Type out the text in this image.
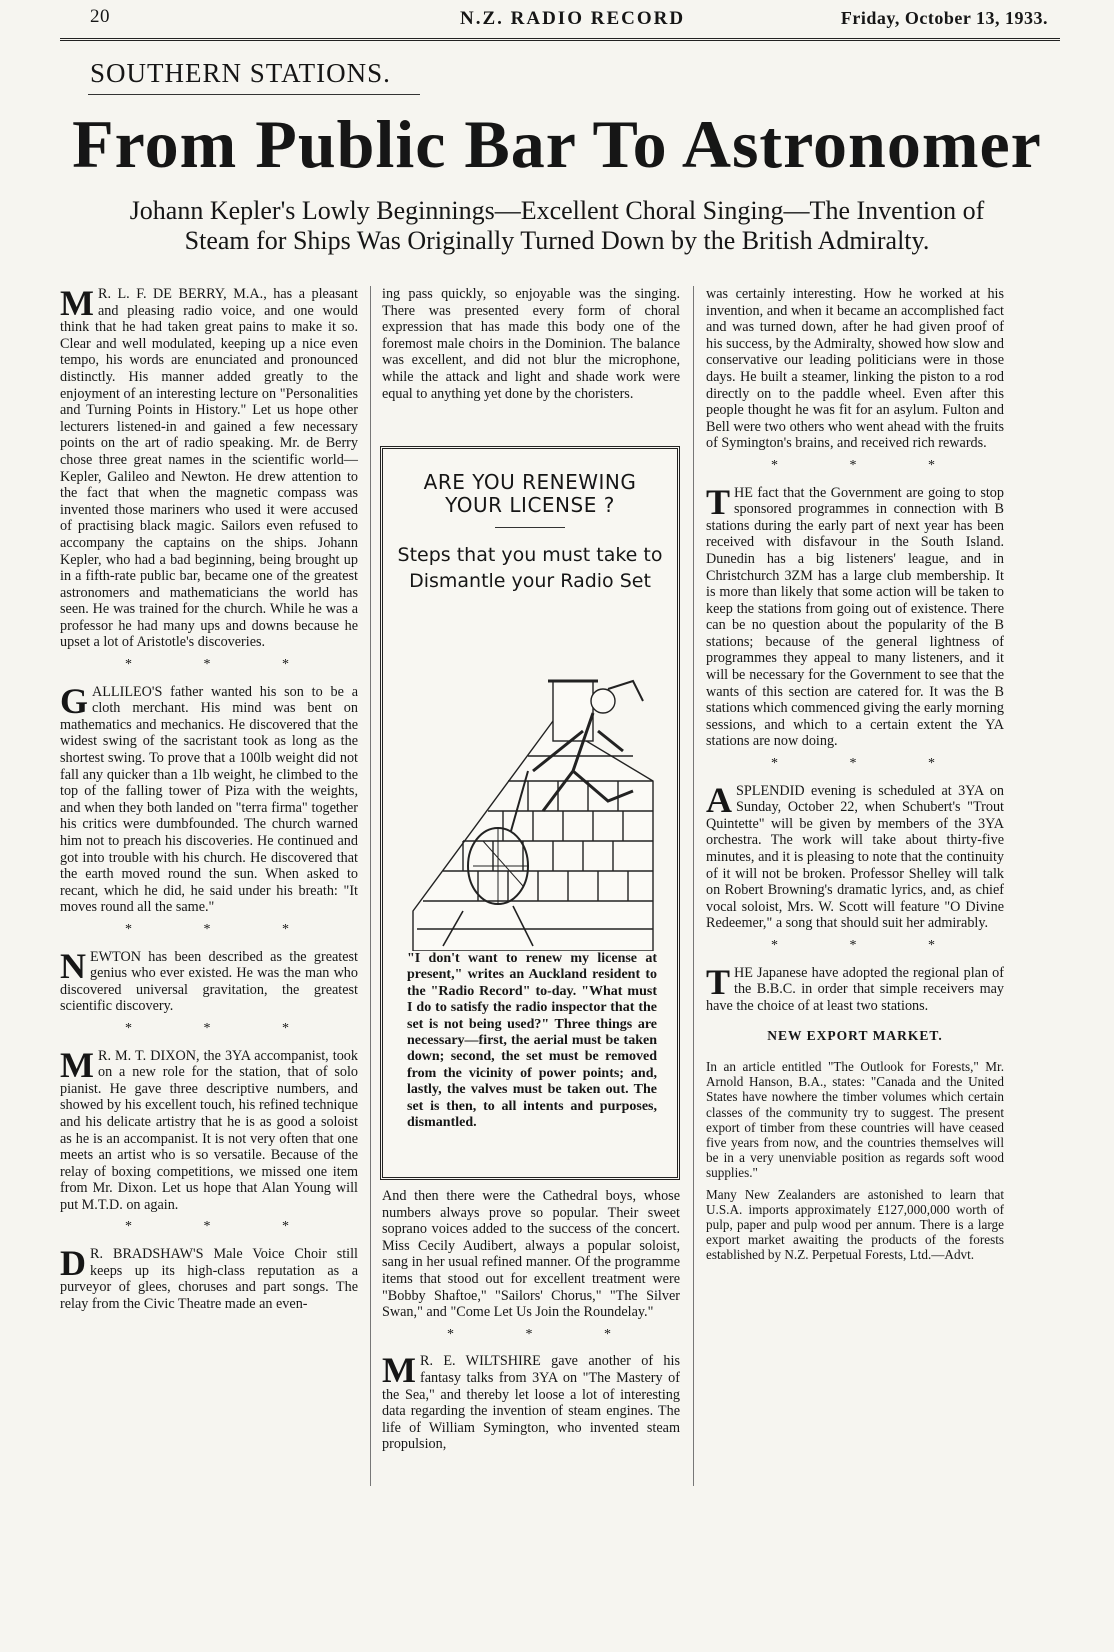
20	N.Z. RADIO RECORD	Friday, October 13, 1933.
SOUTHERN STATIONS.
From Public Bar To Astronomer
Johann Kepler's Lowly Beginnings—Excellent Choral Singing—The Invention of Steam for Ships Was Originally Turned Down by the British Admiralty.

M R. L. F. DE BERRY, M.A., has a pleasant and pleasing radio voice, and one would think that he had taken great pains to make it so. Clear and well modulated, keeping up a nice even tempo, his words are enunciated and pronounced distinctly. His manner added greatly to the enjoyment of an interesting lecture on "Personalities and Turning Points in History." Let us hope other lecturers listened-in and gained a few necessary points on the art of radio speaking. Mr. de Berry chose three great names in the scientific world—Kepler, Galileo and Newton. He drew attention to the fact that when the magnetic compass was invented those mariners who used it were accused of practising black magic. Sailors even refused to accompany the captains on the ships. Johann Kepler, who had a bad beginning, being brought up in a fifth-rate public bar, became one of the greatest astronomers and mathematicians the world has seen. He was trained for the church. While he was a professor he had many ups and downs because he upset a lot of Aristotle's discoveries.

* * *

GALLILEO'S father wanted his son to be a cloth merchant. His mind was bent on mathematics and mechanics. He discovered that the widest swing of the sacristant took as long as the shortest swing. To prove that a 100lb weight did not fall any quicker than a 1lb weight, he climbed to the top of the falling tower of Piza with the weights, and when they both landed on "terra firma" together his critics were dumbfounded. The church warned him not to preach his discoveries. He continued and got into trouble with his church. He discovered that the earth moved round the sun. When asked to recant, which he did, he said under his breath: "It moves round all the same."

* * *

NEWTON has been described as the greatest genius who ever existed. He was the man who discovered universal gravitation, the greatest scientific discovery.

* * *

M R. M. T. DIXON, the 3YA accompanist, took on a new role for the station, that of solo pianist. He gave three descriptive numbers, and showed by his excellent touch, his refined technique and his delicate artistry that he is as good a soloist as he is an accompanist. It is not very often that one meets an artist who is so versatile. Because of the relay of boxing competitions, we missed one item from Mr. Dixon. Let us hope that Alan Young will put M.T.D. on again.

* * *

D R. BRADSHAW'S Male Voice Choir still keeps up its high-class reputation as a purveyor of glees, choruses and part songs. The relay from the Civic Theatre made an even-

ing pass quickly, so enjoyable was the singing. There was presented every form of choral expression that has made this body one of the foremost male choirs in the Dominion. The balance was excellent, and did not blur the microphone, while the attack and light and shade work were equal to anything yet done by the choristers.

ARE YOU RENEWING YOUR LICENSE ?
Steps that you must take to Dismantle your Radio Set
"I don't want to renew my license at present," writes an Auckland resident to the "Radio Record" to-day. "What must I do to satisfy the radio inspector that the set is not being used?" Three things are necessary—first, the aerial must be taken down; second, the set must be removed from the vicinity of power points; and, lastly, the valves must be taken out. The set is then, to all intents and purposes, dismantled.

And then there were the Cathedral boys, whose numbers always prove so popular. Their sweet soprano voices added to the success of the concert. Miss Cecily Audibert, always a popular soloist, sang in her usual refined manner. Of the programme items that stood out for excellent treatment were "Bobby Shaftoe," "Sailors' Chorus," "The Silver Swan," and "Come Let Us Join the Roundelay."

* * *

M R. E. WILTSHIRE gave another of his fantasy talks from 3YA on "The Mastery of the Sea," and thereby let loose a lot of interesting data regarding the invention of steam engines. The life of William Symington, who invented steam propulsion,

was certainly interesting. How he worked at his invention, and when it became an accomplished fact and was turned down, after he had given proof of his success, by the Admiralty, showed how slow and conservative our leading politicians were in those days. He built a steamer, linking the piston to a rod directly on to the paddle wheel. Even after this people thought he was fit for an asylum. Fulton and Bell were two others who went ahead with the fruits of Symington's brains, and received rich rewards.

* * *

THE fact that the Government are going to stop sponsored programmes in connection with B stations during the early part of next year has been received with disfavour in the South Island. Dunedin has a big listeners' league, and in Christchurch 3ZM has a large club membership. It is more than likely that some action will be taken to keep the stations from going out of existence. There can be no question about the popularity of the B stations; because of the general lightness of programmes they appeal to many listeners, and it will be necessary for the Government to see that the wants of this section are catered for. It was the B stations which commenced giving the early morning sessions, and which to a certain extent the YA stations are now doing.

* * *

ASPLENDID evening is scheduled at 3YA on Sunday, October 22, when Schubert's "Trout Quintette" will be given by members of the 3YA orchestra. The work will take about thirty-five minutes, and it is pleasing to note that the continuity of it will not be broken. Professor Shelley will talk on Robert Browning's dramatic lyrics, and, as chief vocal soloist, Mrs. W. Scott will feature "O Divine Redeemer," a song that should suit her admirably.

* * *

THE Japanese have adopted the regional plan of the B.B.C. in order that simple receivers may have the choice of at least two stations.

NEW EXPORT MARKET.

In an article entitled "The Outlook for Forests," Mr. Arnold Hanson, B.A., states: "Canada and the United States have nowhere the timber volumes which certain classes of the community try to suggest. The present export of timber from these countries will have ceased five years from now, and the countries themselves will be in a very unenviable position as regards soft wood supplies."

Many New Zealanders are astonished to learn that U.S.A. imports approximately £127,000,000 worth of pulp, paper and pulp wood per annum. There is a large export market awaiting the products of the forests established by N.Z. Perpetual Forests, Ltd.—Advt.
